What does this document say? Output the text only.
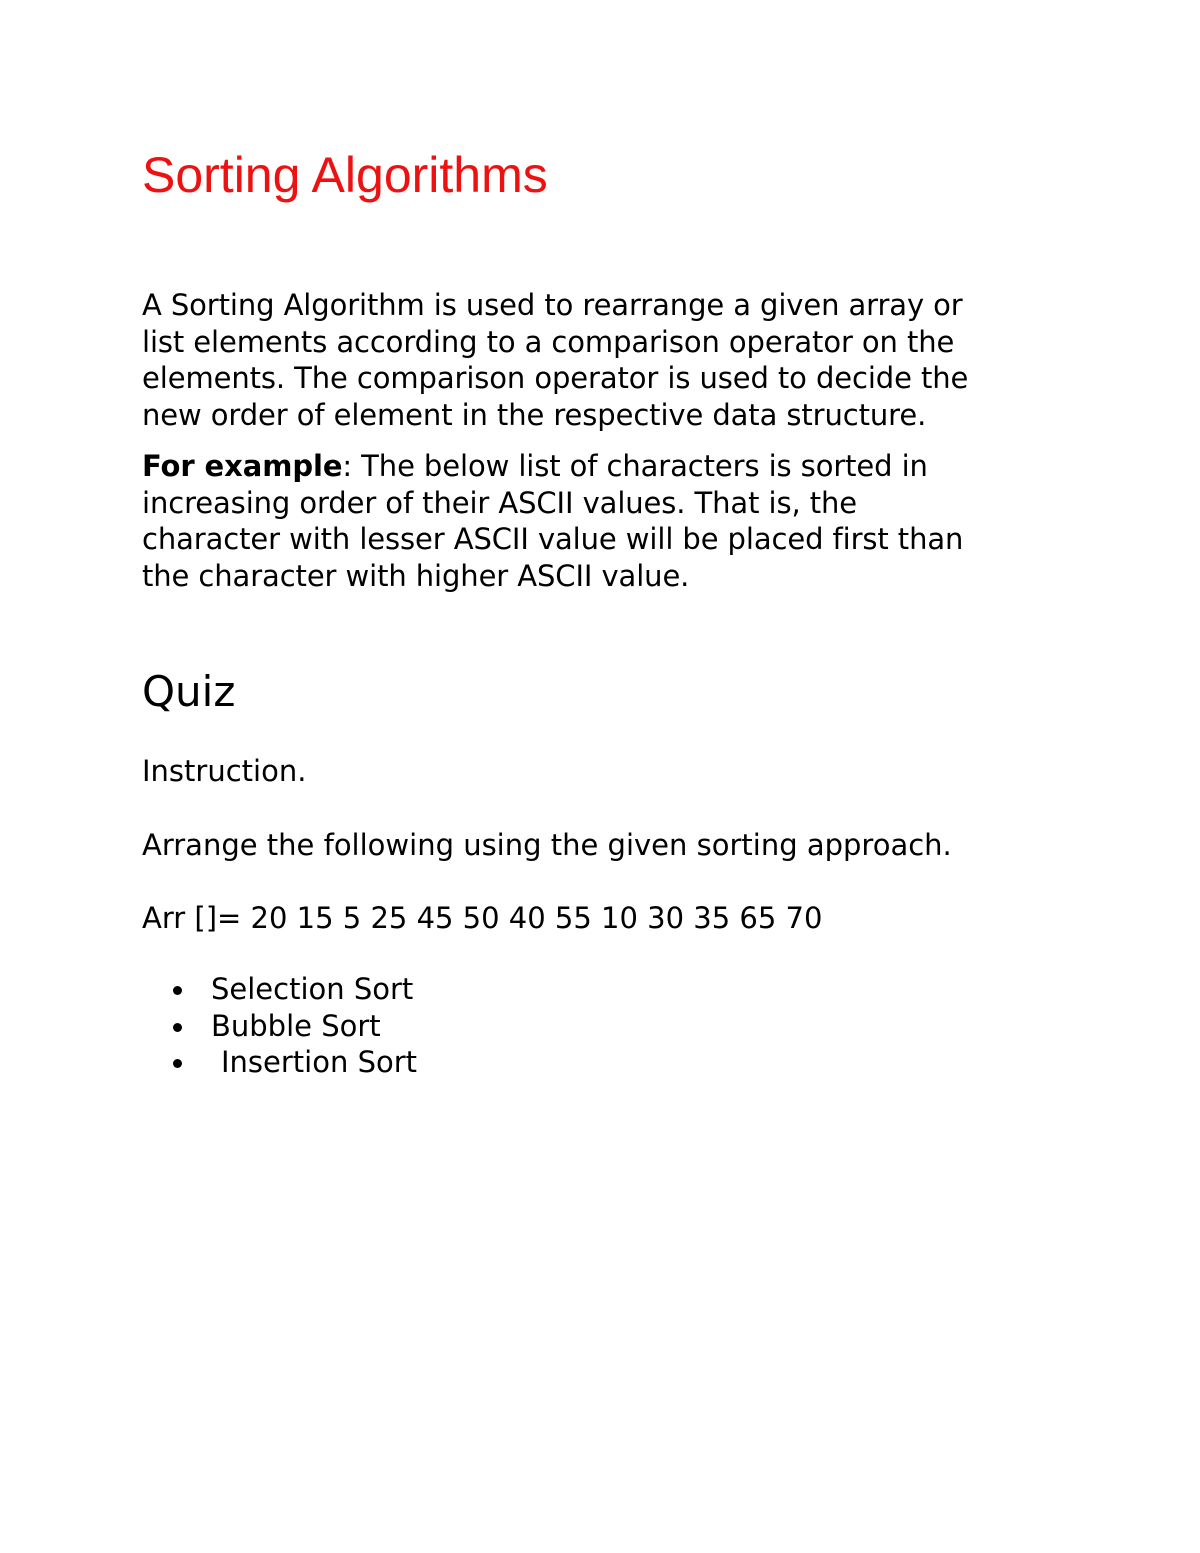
Sorting Algorithms

A Sorting Algorithm is used to rearrange a given array or
list elements according to a comparison operator on the
elements. The comparison operator is used to decide the
new order of element in the respective data structure.

For example: The below list of characters is sorted in
increasing order of their ASCII values. That is, the
character with lesser ASCII value will be placed first than
the character with higher ASCII value.

Quiz

Instruction.

Arrange the following using the given sorting approach.

Arr []= 20 15 5 25 45 50 40 55 10 30 35 65 70

Selection Sort
Bubble Sort
Insertion Sort
